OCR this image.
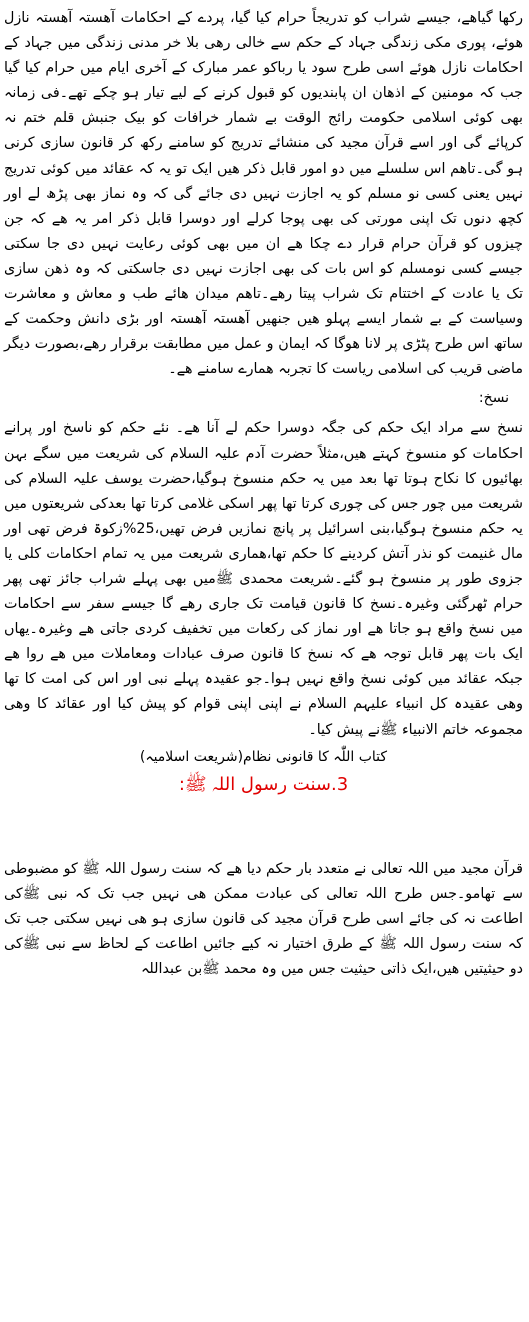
رکھا گیاھے، جیسے شراب کو تدریجاً حرام کیا گیا، پردے کے احکامات آھستہ آھستہ نازل ھوئے، پوری مکی زندگی جہاد کے حکم سے خالی رھی بلا خر مدنی زندگی میں جہاد کے احکامات نازل ھوئے اسی طرح سود یا رباکو عمر مبارک کے آخری ایام میں حرام کیا گیا جب کہ مومنین کے اذھان ان پابندیوں کو قبول کرنے کے لیے تیار ہو چکے تھے۔فی زمانہ بھی کوئی اسلامی حکومت رائج الوقت بے شمار خرافات کو بیک جنبش قلم ختم نہ کرپائے گی اور اسے قرآن مجید کی منشائے تدریج کو سامنے رکھ کر قانون سازی کرنی ہو گی۔تاھم اس سلسلے میں دو امور قابل ذکر ھیں ایک تو یہ کہ عقائد میں کوئی تدریج نہیں یعنی کسی نو مسلم کو یہ اجازت نہیں دی جائے گی کہ وہ نماز بھی پڑھ لے اور کچھ دنوں تک اپنی مورتی کی بھی پوجا کرلے اور دوسرا قابل ذکر امر یہ ھے کہ جن چیزوں کو قرآن حرام قرار دے چکا ھے ان میں بھی کوئی رعایت نہیں دی جا سکتی جیسے کسی نومسلم کو اس بات کی بھی اجازت نہیں دی جاسکتی کہ وہ ذھن سازی تک یا عادت کے اختتام تک شراب پیتا رھے۔تاھم میدان ھائے طب و معاش و معاشرت وسیاست کے بے شمار ایسے پہلو ھیں جنھیں آھستہ آھستہ اور بڑی دانش وحکمت کے ساتھ اس طرح پٹڑی پر لانا ھوگا کہ ایمان و عمل میں مطابقت برقرار رھے،بصورت دیگر ماضی قریب کی اسلامی ریاست کا تجربہ ھمارے سامنے ھے۔

نسخ:

نسخ سے مراد ایک حکم کی جگہ دوسرا حکم لے آنا ھے۔ نئے حکم کو ناسخ اور پرانے احکامات کو منسوخ کہتے ھیں،مثلاً حضرت آدم علیہ السلام کی شریعت میں سگے بہن بھائیوں کا نکاح ہوتا تھا بعد میں یہ حکم منسوخ ہوگیا،حضرت یوسف علیہ السلام کی شریعت میں چور جس کی چوری کرتا تھا پھر اسکی غلامی کرتا تھا بعدکی شریعتوں میں یہ حکم منسوخ ہوگیا،بنی اسرائیل پر پانچ نمازیں فرض تھیں،25%زکوۃ فرض تھی اور مال غنیمت کو نذر آتش کردینے کا حکم تھا،ھماری شریعت میں یہ تمام احکامات کلی یا جزوی طور پر منسوخ ہو گئے۔شریعت محمدی ﷺمیں بھی پہلے شراب جائز تھی پھر حرام ٹھرگئی وغیرہ۔نسخ کا قانون قیامت تک جاری رھے گا جیسے سفر سے احکامات میں نسخ واقع ہو جاتا ھے اور نماز کی رکعات میں تخفیف کردی جاتی ھے وغیرہ۔یھاں ایک بات پھر قابل توجہ ھے کہ نسخ کا قانون صرف عبادات ومعاملات میں ھے روا ھے جبکہ عقائد میں کوئی نسخ واقع نہیں ہوا۔جو عقیدہ پہلے نبی اور اس کی امت کا تھا وھی عقیدہ کل انبیاء علیہم السلام نے اپنی اپنی قوام کو پیش کیا اور عقائد کا وھی مجموعہ خاتم الانبیاء ﷺنے پیش کیا۔

کتاب اللّٰہ کا قانونی نظام(شریعت اسلامیہ)

3.سنت رسول اللہ ﷺ:

قرآن مجید میں اللہ تعالی نے متعدد بار حکم دیا ھے کہ سنت رسول اللہ ﷺ کو مضبوطی سے تھامو۔جس طرح اللہ تعالی کی عبادت ممکن ھی نہیں جب تک کہ نبی ﷺکی اطاعت نہ کی جائے اسی طرح قرآن مجید کی قانون سازی ہو ھی نہیں سکتی جب تک کہ سنت رسول اللہ ﷺ کے طرق اختیار نہ کیے جائیں اطاعت کے لحاظ سے نبی ﷺکی دو حیثیتیں ھیں،ایک ذاتی حیثیت جس میں وہ محمد ﷺبن عبداللہ
